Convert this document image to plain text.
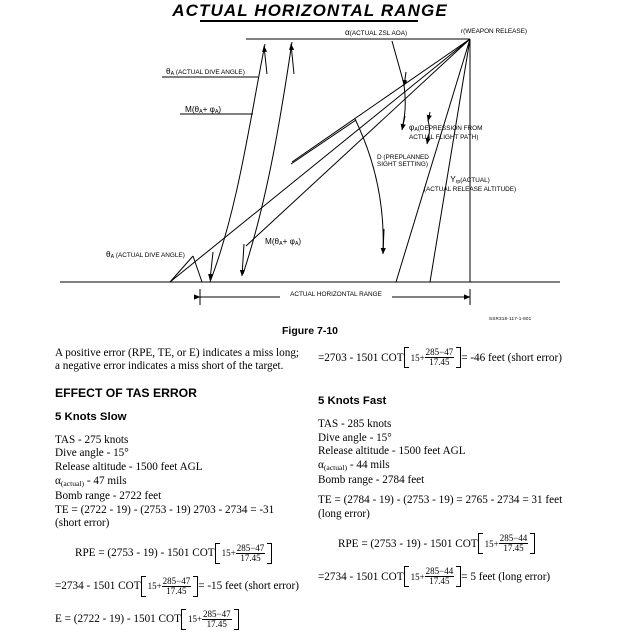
ACTUAL HORIZONTAL RANGE
α(ACTUAL ZSL AOA)	r(WEAPON RELEASE)
θA (ACTUAL DIVE ANGLE)
M(θA+ φA)
φA(DEPRESSION FROM
ACTUAL FLIGHT PATH)
D (PREPLANNED
SIGHT SETTING)
Yrp(ACTUAL)
(ACTUAL RELEASE ALTITUDE)
θA (ACTUAL DIVE ANGLE)
M(θA+ φA)
ACTUAL HORIZONTAL RANGE
SSR318-117-1-801
Figure 7-10
A positive error (RPE, TE, or E) indicates a miss long;
a negative error indicates a miss short of the target.
EFFECT OF TAS ERROR
5 Knots Slow
TAS - 275 knots
Dive angle - 15°
Release altitude - 1500 feet AGL
$\alpha_{(actual)} - 47$ mils
Bomb range - 2722 feet
TE = (2722 - 19) - (2753 - 19) 2703 - 2734 = -31
(short error)
RPE = (2753 - 19) - 1501 COT $15+ \frac{285-47}{17.45}$
=2734 - 1501 COT $15+ \frac{285-47}{17.45} = -15$ feet (short error)
E = (2722 - 19) - 1501 COT $15+ \frac{285-47}{17.45}$
=2703 - 1501 COT $15+ \frac{285-47}{17.45} = -46$ feet (short error)
5 Knots Fast
TAS - 285 knots
Dive angle - 15°
Release altitude - 1500 feet AGL
$\alpha_{(actual)} - 44$ mils
Bomb range - 2784 feet
TE = (2784 - 19) - (2753 - 19) = 2765 - 2734 = 31 feet
(long error)
RPE = (2753 - 19) - 1501 COT $15+ \frac{285-44}{17.45}$
=2734 - 1501 COT $15+ \frac{285-44}{17.45} = 5$ feet (long error)
